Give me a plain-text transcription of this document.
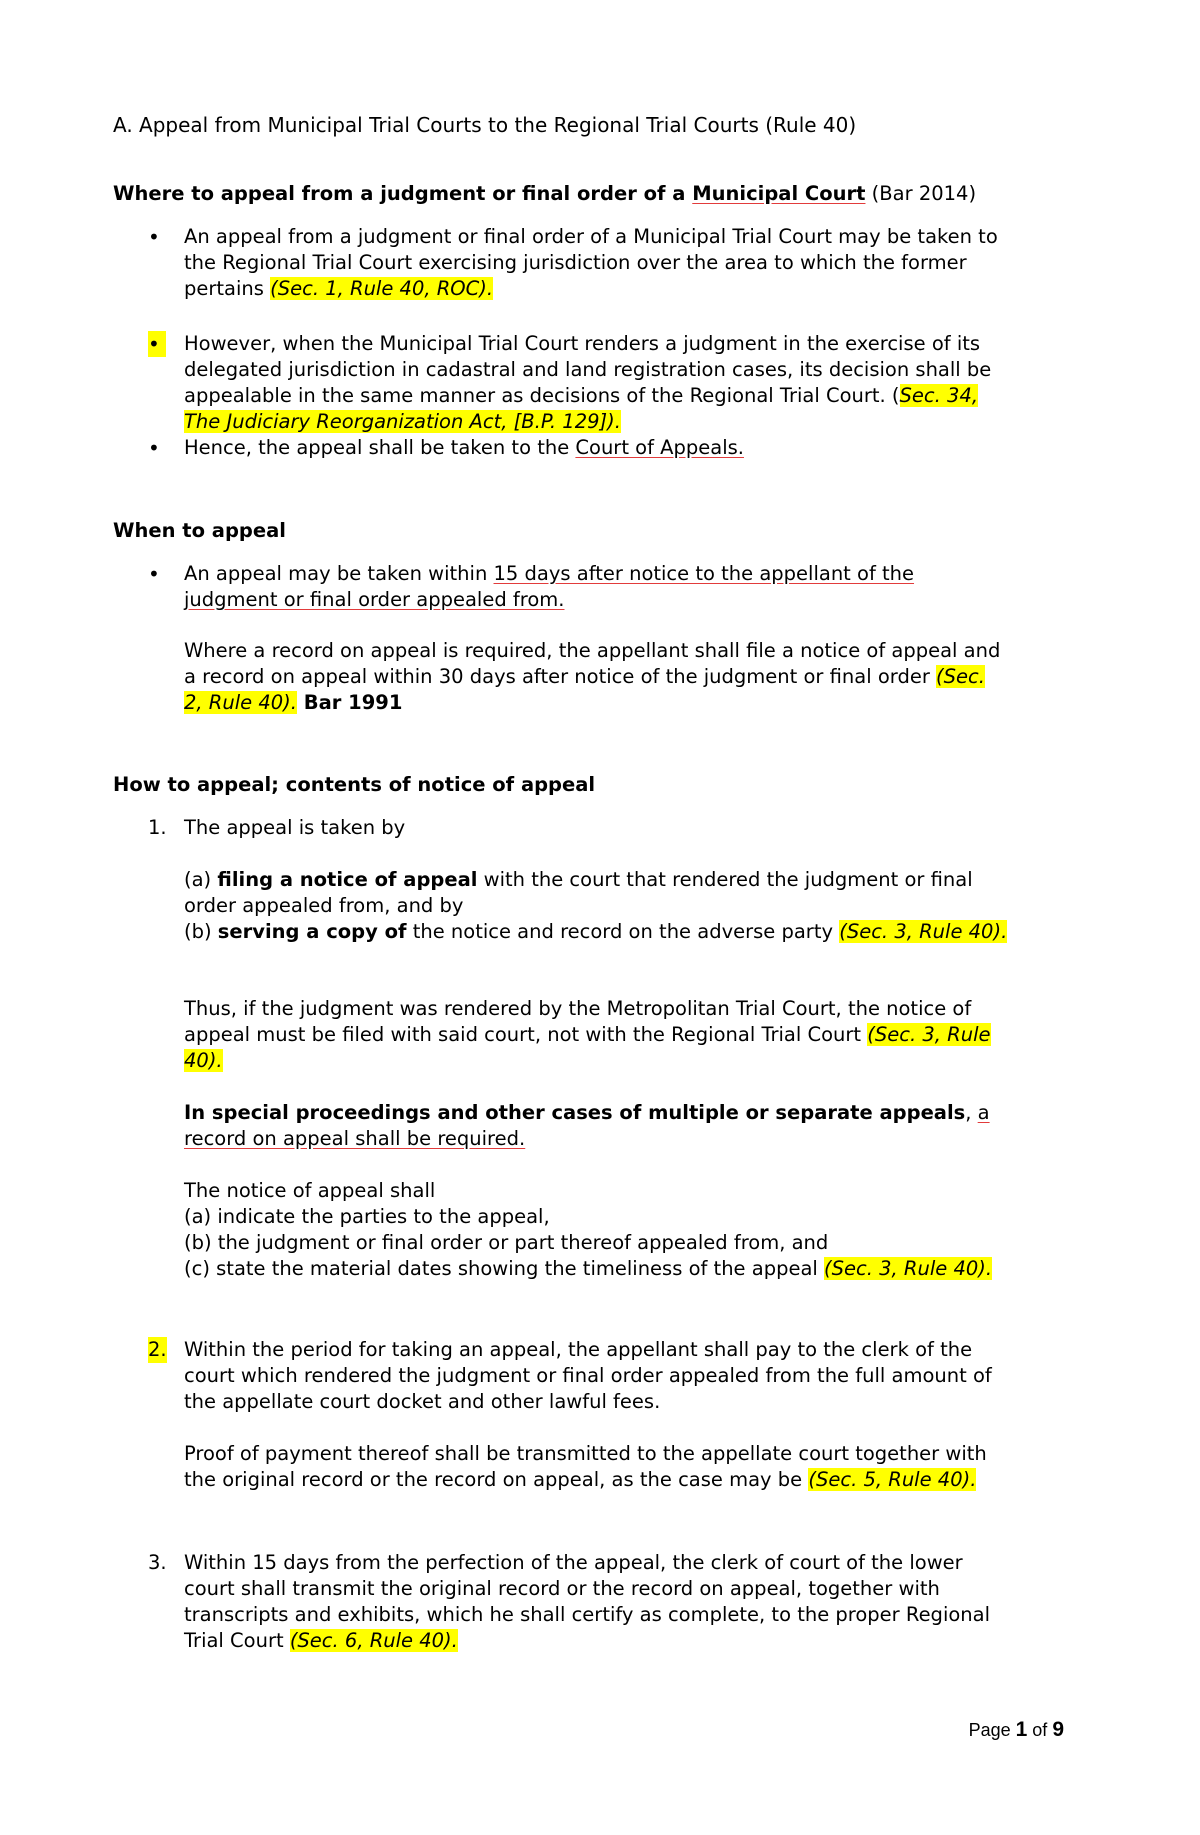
A. Appeal from Municipal Trial Courts to the Regional Trial Courts (Rule 40)
Where to appeal from a judgment or final order of a Municipal Court (Bar 2014)
• An appeal from a judgment or final order of a Municipal Trial Court may be taken to
the Regional Trial Court exercising jurisdiction over the area to which the former
pertains (Sec. 1, Rule 40, ROC).
• However, when the Municipal Trial Court renders a judgment in the exercise of its
delegated jurisdiction in cadastral and land registration cases, its decision shall be
appealable in the same manner as decisions of the Regional Trial Court. (Sec. 34,
The Judiciary Reorganization Act, [B.P. 129]).
• Hence, the appeal shall be taken to the Court of Appeals.
When to appeal
• An appeal may be taken within 15 days after notice to the appellant of the
judgment or final order appealed from.
Where a record on appeal is required, the appellant shall file a notice of appeal and
a record on appeal within 30 days after notice of the judgment or final order (Sec.
2, Rule 40). Bar 1991
How to appeal; contents of notice of appeal
1. The appeal is taken by
(a) filing a notice of appeal with the court that rendered the judgment or final
order appealed from, and by
(b) serving a copy of the notice and record on the adverse party (Sec. 3, Rule 40).
Thus, if the judgment was rendered by the Metropolitan Trial Court, the notice of
appeal must be filed with said court, not with the Regional Trial Court (Sec. 3, Rule
40).
In special proceedings and other cases of multiple or separate appeals, a
record on appeal shall be required.
The notice of appeal shall
(a) indicate the parties to the appeal,
(b) the judgment or final order or part thereof appealed from, and
(c) state the material dates showing the timeliness of the appeal (Sec. 3, Rule 40).
2. Within the period for taking an appeal, the appellant shall pay to the clerk of the
court which rendered the judgment or final order appealed from the full amount of
the appellate court docket and other lawful fees.
Proof of payment thereof shall be transmitted to the appellate court together with
the original record or the record on appeal, as the case may be (Sec. 5, Rule 40).
3. Within 15 days from the perfection of the appeal, the clerk of court of the lower
court shall transmit the original record or the record on appeal, together with
transcripts and exhibits, which he shall certify as complete, to the proper Regional
Trial Court (Sec. 6, Rule 40).
Page 1 of 9
